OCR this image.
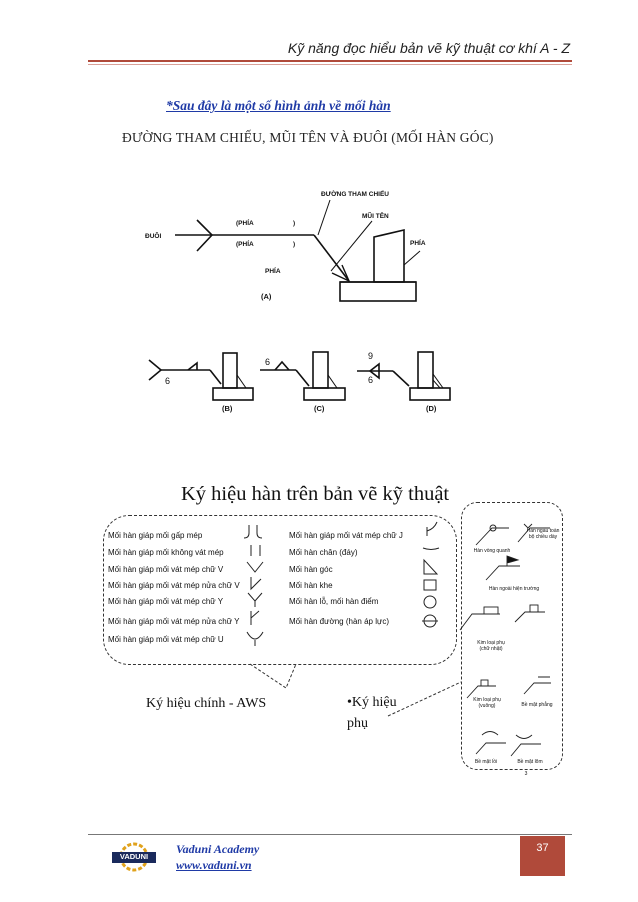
Kỹ năng đọc hiểu bản vẽ kỹ thuật cơ khí A - Z
*Sau đây là một số hình ảnh về mối hàn
ĐƯỜNG THAM CHIẾU, MŨI TÊN VÀ ĐUÔI (MỐI HÀN GÓC)
ĐƯỜNG THAM CHIẾU
MŨI TÊN
ĐUÔI
(PHÍA	)
(PHÍA	)
PHÍA
PHÍA
(A)
(B)	(C)	(D)
6
6
9
6
Ký hiệu hàn trên bản vẽ kỹ thuật
Mối hàn giáp mối gấp mép
Mối hàn giáp mối không vát mép
Mối hàn giáp mối vát mép chữ V
Mối hàn giáp mối vát mép nửa chữ V
Mối hàn giáp mối vát mép chữ Y
Mối hàn giáp mối vát mép nửa chữ Y
Mối hàn giáp mối vát mép chữ U
Mối hàn giáp mối vát mép chữ J
Mối hàn chân (đáy)
Mối hàn góc
Mối hàn khe
Mối hàn lỗ, mối hàn điểm
Mối hàn đường (hàn áp lực)
Ký hiệu chính - AWS	•Ký hiệu phụ
Hàn vòng quanh
Hàn ngấu toàn bộ chiều dày
Hàn ngoài hiện trường
Kim loại phụ (chữ nhật)
Kim loại phụ (vuông)	Bề mặt phẳng
Bề mặt lồi	Bề mặt lõm
3
VADUNI
Vaduni Academy
www.vaduni.vn
37
